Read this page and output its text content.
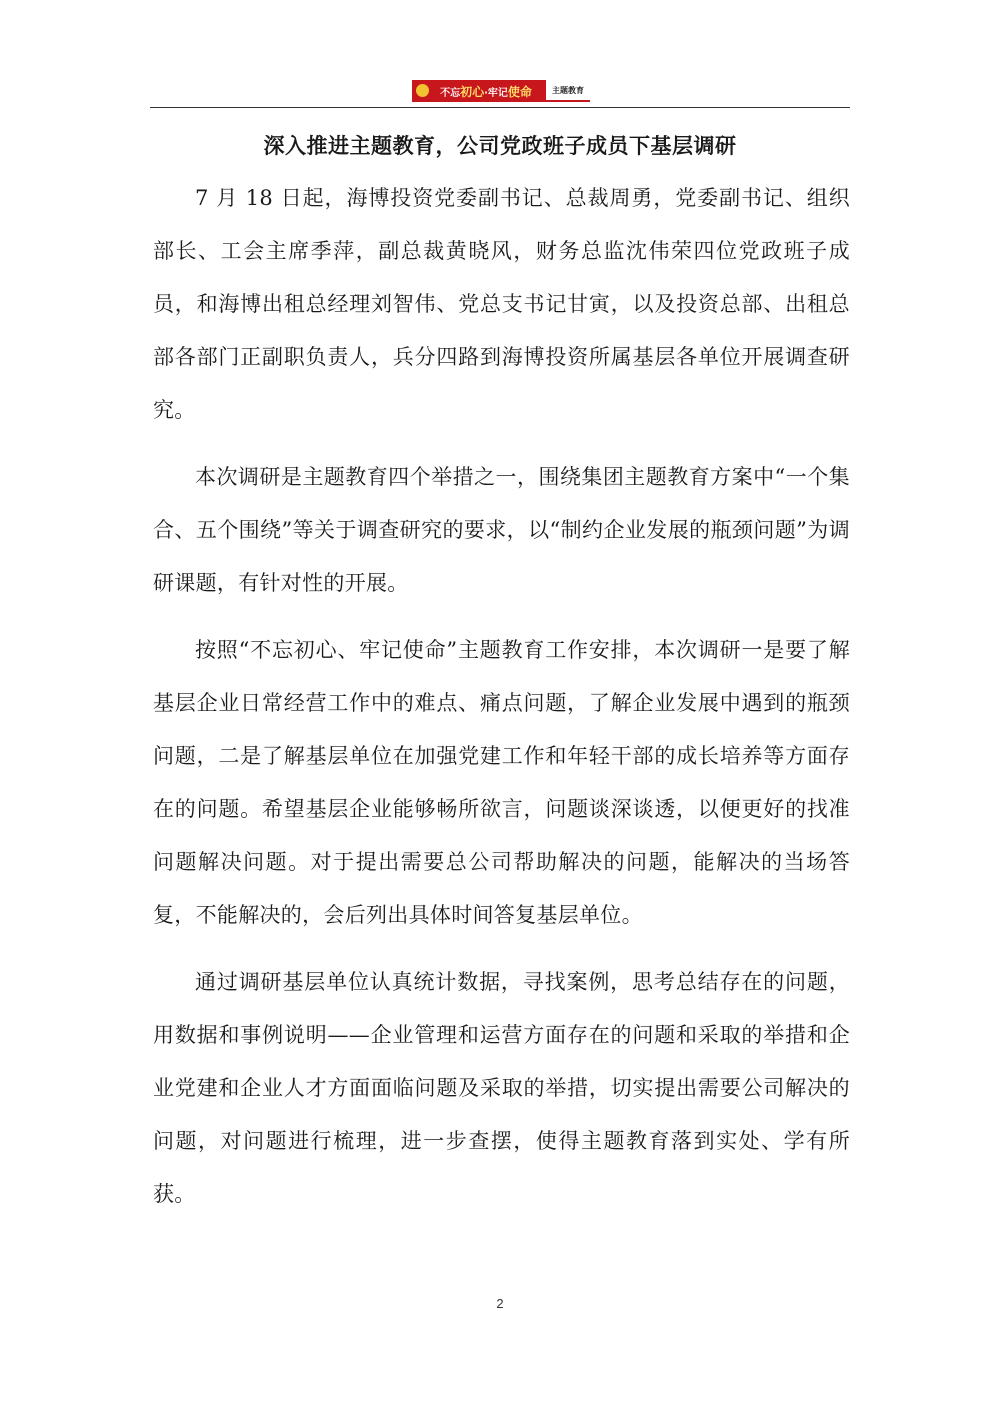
不忘初心·牢记使命	主题教育
深入推进主题教育，公司党政班子成员下基层调研

7 月 18 日起，海博投资党委副书记、总裁周勇，党委副书记、组织部长、工会主席季萍，副总裁黄晓风，财务总监沈伟荣四位党政班子成员，和海博出租总经理刘智伟、党总支书记甘寅，以及投资总部、出租总部各部门正副职负责人，兵分四路到海博投资所属基层各单位开展调查研究。

本次调研是主题教育四个举措之一，围绕集团主题教育方案中“一个集合、五个围绕”等关于调查研究的要求，以“制约企业发展的瓶颈问题”为调研课题，有针对性的开展。

按照“不忘初心、牢记使命”主题教育工作安排，本次调研一是要了解基层企业日常经营工作中的难点、痛点问题，了解企业发展中遇到的瓶颈问题，二是了解基层单位在加强党建工作和年轻干部的成长培养等方面存在的问题。希望基层企业能够畅所欲言，问题谈深谈透，以便更好的找准问题解决问题。对于提出需要总公司帮助解决的问题，能解决的当场答复，不能解决的，会后列出具体时间答复基层单位。

通过调研基层单位认真统计数据，寻找案例，思考总结存在的问题，用数据和事例说明——企业管理和运营方面存在的问题和采取的举措和企业党建和企业人才方面面临问题及采取的举措，切实提出需要公司解决的问题，对问题进行梳理，进一步查摆，使得主题教育落到实处、学有所获。

2
